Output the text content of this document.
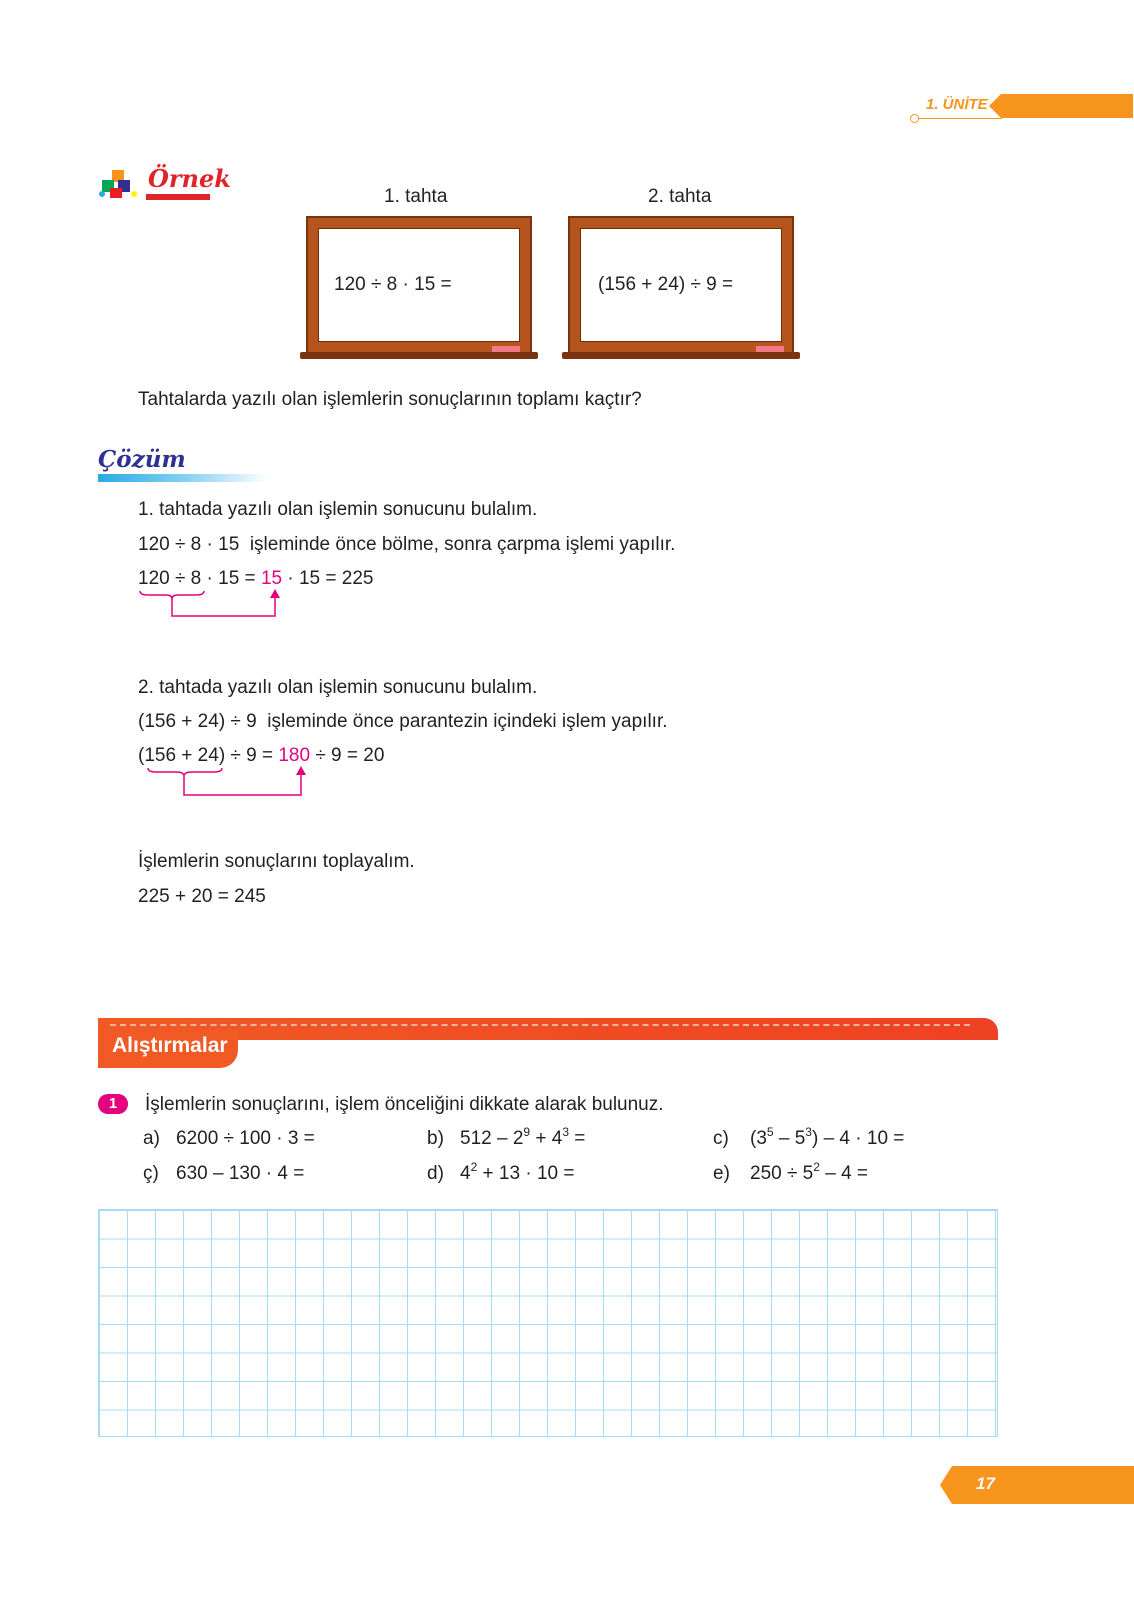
1. ÜNİTE
Örnek
1. tahta
120 ÷ 8 · 15 =
2. tahta
(156 + 24) ÷ 9 =
Tahtalarda yazılı olan işlemlerin sonuçlarının toplamı kaçtır?
Çözüm
1. tahtada yazılı olan işlemin sonucunu bulalım.
120 ÷ 8 · 15  işleminde önce bölme, sonra çarpma işlemi yapılır.
120 ÷ 8 · 15 = 15 · 15 = 225
2. tahtada yazılı olan işlemin sonucunu bulalım.
(156 + 24) ÷ 9  işleminde önce parantezin içindeki işlem yapılır.
(156 + 24) ÷ 9 = 180 ÷ 9 = 20
İşlemlerin sonuçlarını toplayalım.
225 + 20 = 245
Alıştırmalar
1	İşlemlerin sonuçlarını, işlem önceliğini dikkate alarak bulunuz.
a) 6200 ÷ 100 · 3 =	b) $512 - 2^9 + 4^3$ =	c) $(3^5 - 5^3) - 4 \cdot 10$ =
ç) 630 – 130 · 4 =	d) $4^2 + 13 \cdot 10$ =	e) $250 \div 5^2 - 4$ =
17
